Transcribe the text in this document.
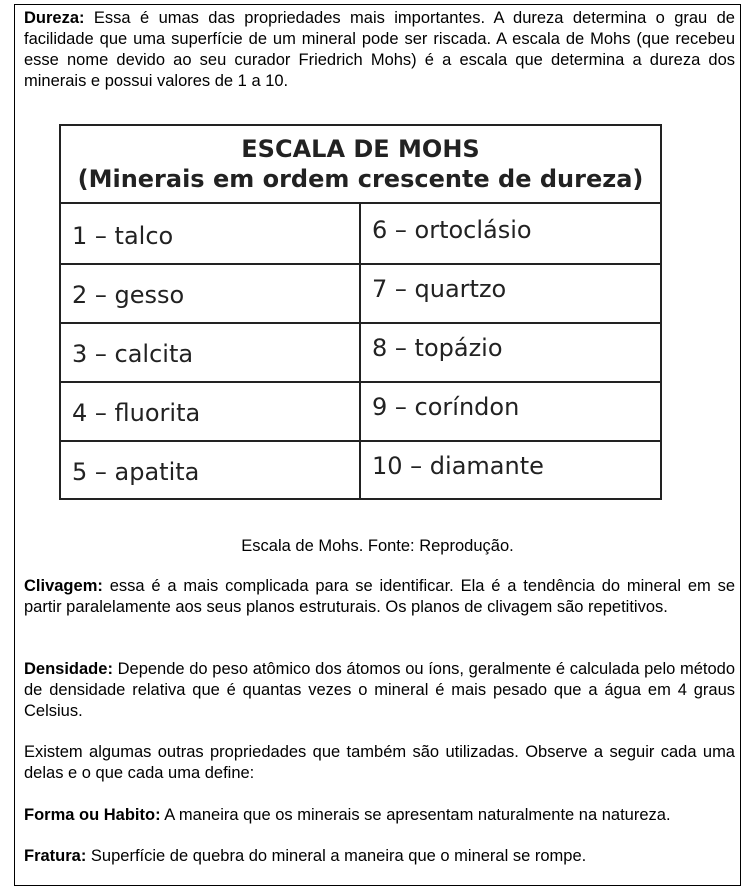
Dureza: Essa é umas das propriedades mais importantes. A dureza determina o grau de facilidade que uma superfície de um mineral pode ser riscada. A escala de Mohs (que recebeu esse nome devido ao seu curador Friedrich Mohs) é a escala que determina a dureza dos minerais e possui valores de 1 a 10.

ESCALA DE MOHS
(Minerais em ordem crescente de dureza)
1 – talco	6 – ortoclásio
2 – gesso	7 – quartzo
3 – calcita	8 – topázio
4 – fluorita	9 – coríndon
5 – apatita	10 – diamante
Escala de Mohs. Fonte: Reprodução.

Clivagem: essa é a mais complicada para se identificar. Ela é a tendência do mineral em se partir paralelamente aos seus planos estruturais. Os planos de clivagem são repetitivos.

Densidade: Depende do peso atômico dos átomos ou íons, geralmente é calculada pelo método de densidade relativa que é quantas vezes o mineral é mais pesado que a água em 4 graus Celsius.

Existem algumas outras propriedades que também são utilizadas. Observe a seguir cada uma delas e o que cada uma define:

Forma ou Habito: A maneira que os minerais se apresentam naturalmente na natureza.

Fratura: Superfície de quebra do mineral a maneira que o mineral se rompe.
